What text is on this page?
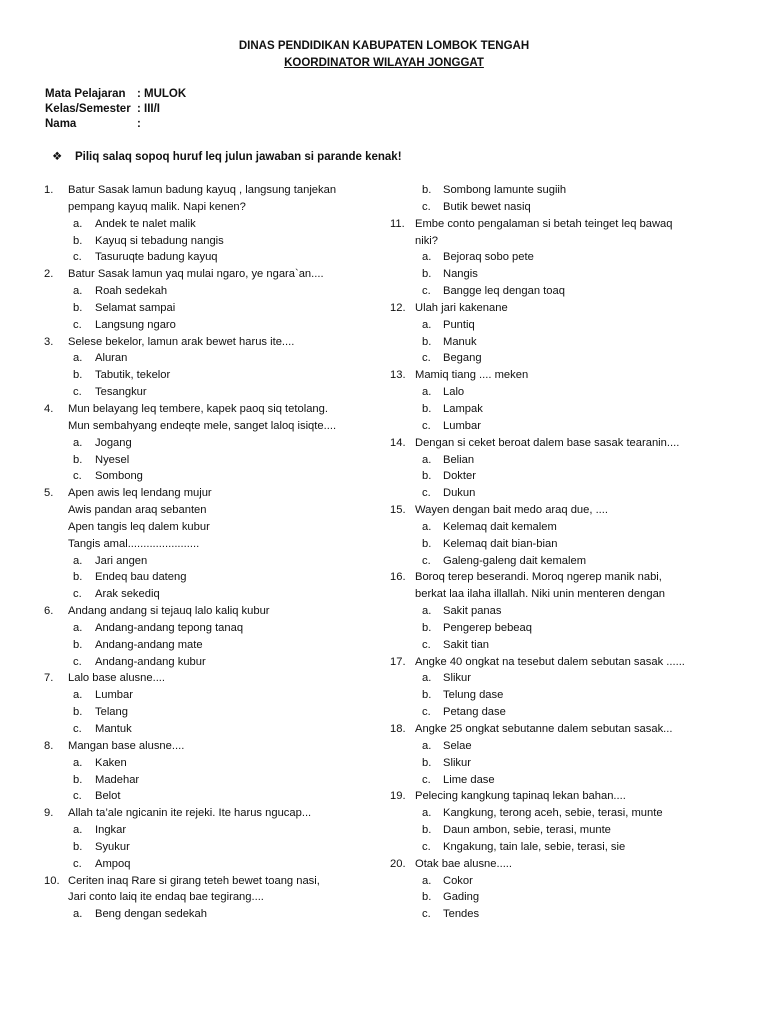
DINAS PENDIDIKAN KABUPATEN LOMBOK TENGAH
KOORDINATOR WILAYAH JONGGAT
Mata Pelajaran : MULOK
Kelas/Semester : III/I
Nama	:
❖ Piliq salaq sopoq huruf leq julun jawaban si parande kenak!
1. Batur Sasak lamun badung kayuq , langsung tanjekan
pempang kayuq malik. Napi kenen?
a. Andek te nalet malik
b. Kayuq si tebadung nangis
c. Tasuruqte badung kayuq
2. Batur Sasak lamun yaq mulai ngaro, ye ngara`an....
a. Roah sedekah
b. Selamat sampai
c. Langsung ngaro
3. Selese bekelor, lamun arak bewet harus ite....
a. Aluran
b. Tabutik, tekelor
c. Tesangkur
4. Mun belayang leq tembere, kapek paoq siq tetolang.
Mun sembahyang endeqte mele, sanget laloq isiqte....
a. Jogang
b. Nyesel
c. Sombong
5. Apen awis leq lendang mujur
Awis pandan araq sebanten
Apen tangis leq dalem kubur
Tangis amal.......................
a. Jari angen
b. Endeq bau dateng
c. Arak sekediq
6. Andang andang si tejauq lalo kaliq kubur
a. Andang-andang tepong tanaq
b. Andang-andang mate
c. Andang-andang kubur
7. Lalo base alusne....
a. Lumbar
b. Telang
c. Mantuk
8. Mangan base alusne....
a. Kaken
b. Madehar
c. Belot
9. Allah ta’ale ngicanin ite rejeki. Ite harus ngucap...
a. Ingkar
b. Syukur
c. Ampoq
10. Ceriten inaq Rare si girang teteh bewet toang nasi,
Jari conto laiq ite endaq bae tegirang....
a. Beng dengan sedekah
b. Sombong lamunte sugiih
c. Butik bewet nasiq
11. Embe conto pengalaman si betah teinget leq bawaq
niki?
a. Bejoraq sobo pete
b. Nangis
c. Bangge leq dengan toaq
12. Ulah jari kakenane
a. Puntiq
b. Manuk
c. Begang
13. Mamiq tiang .... meken
a. Lalo
b. Lampak
c. Lumbar
14. Dengan si ceket beroat dalem base sasak tearanin....
a. Belian
b. Dokter
c. Dukun
15. Wayen dengan bait medo araq due, ....
a. Kelemaq dait kemalem
b. Kelemaq dait bian-bian
c. Galeng-galeng dait kemalem
16. Boroq terep beserandi. Moroq ngerep manik nabi,
berkat laa ilaha illallah. Niki unin menteren dengan
a. Sakit panas
b. Pengerep bebeaq
c. Sakit tian
17. Angke 40 ongkat na tesebut dalem sebutan sasak ......
a. Slikur
b. Telung dase
c. Petang dase
18. Angke 25 ongkat sebutanne dalem sebutan sasak...
a. Selae
b. Slikur
c. Lime dase
19. Pelecing kangkung tapinaq lekan bahan....
a. Kangkung, terong aceh, sebie, terasi, munte
b. Daun ambon, sebie, terasi, munte
c. Kngakung, tain lale, sebie, terasi, sie
20. Otak bae alusne.....
a. Cokor
b. Gading
c. Tendes
